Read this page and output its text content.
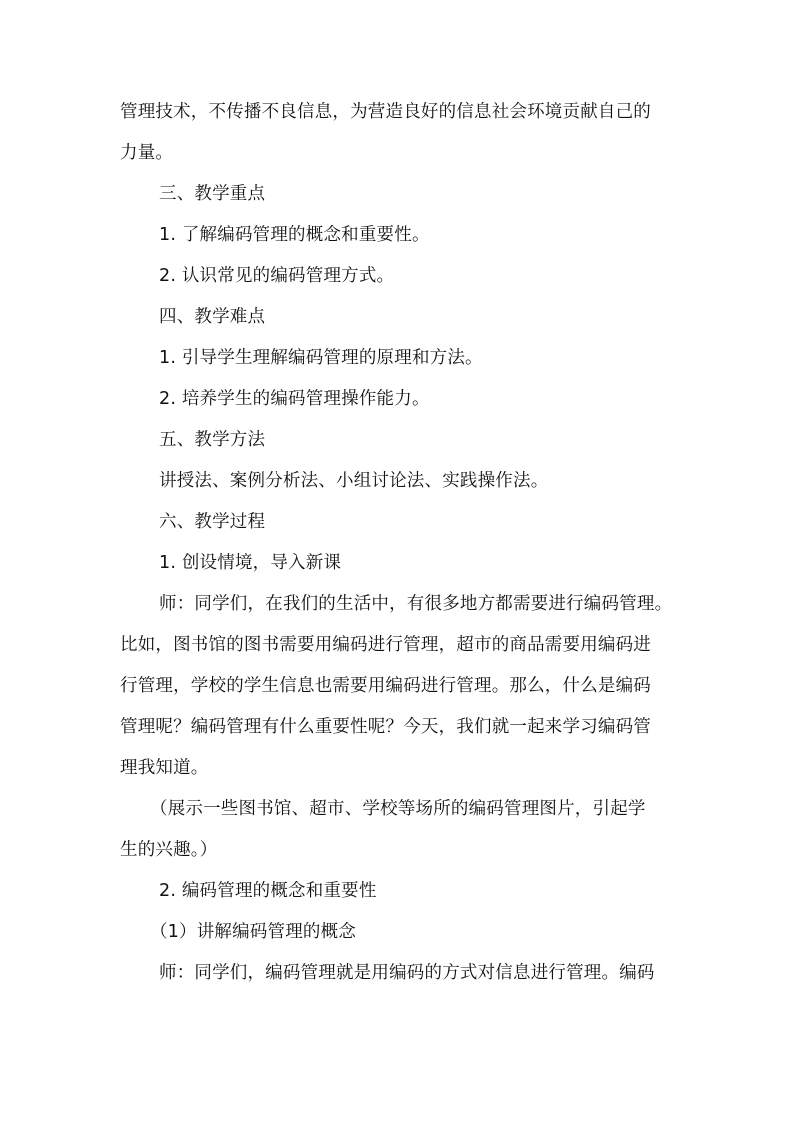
管理技术，不传播不良信息，为营造良好的信息社会环境贡献自己的
力量。
三、教学重点
1. 了解编码管理的概念和重要性。
2. 认识常见的编码管理方式。
四、教学难点
1. 引导学生理解编码管理的原理和方法。
2. 培养学生的编码管理操作能力。
五、教学方法
讲授法、案例分析法、小组讨论法、实践操作法。
六、教学过程
1. 创设情境，导入新课
师：同学们，在我们的生活中，有很多地方都需要进行编码管理。
比如，图书馆的图书需要用编码进行管理，超市的商品需要用编码进
行管理，学校的学生信息也需要用编码进行管理。那么，什么是编码
管理呢？编码管理有什么重要性呢？今天，我们就一起来学习编码管
理我知道。
（展示一些图书馆、超市、学校等场所的编码管理图片，引起学
生的兴趣。）
2. 编码管理的概念和重要性
（1）讲解编码管理的概念
师：同学们，编码管理就是用编码的方式对信息进行管理。编码
